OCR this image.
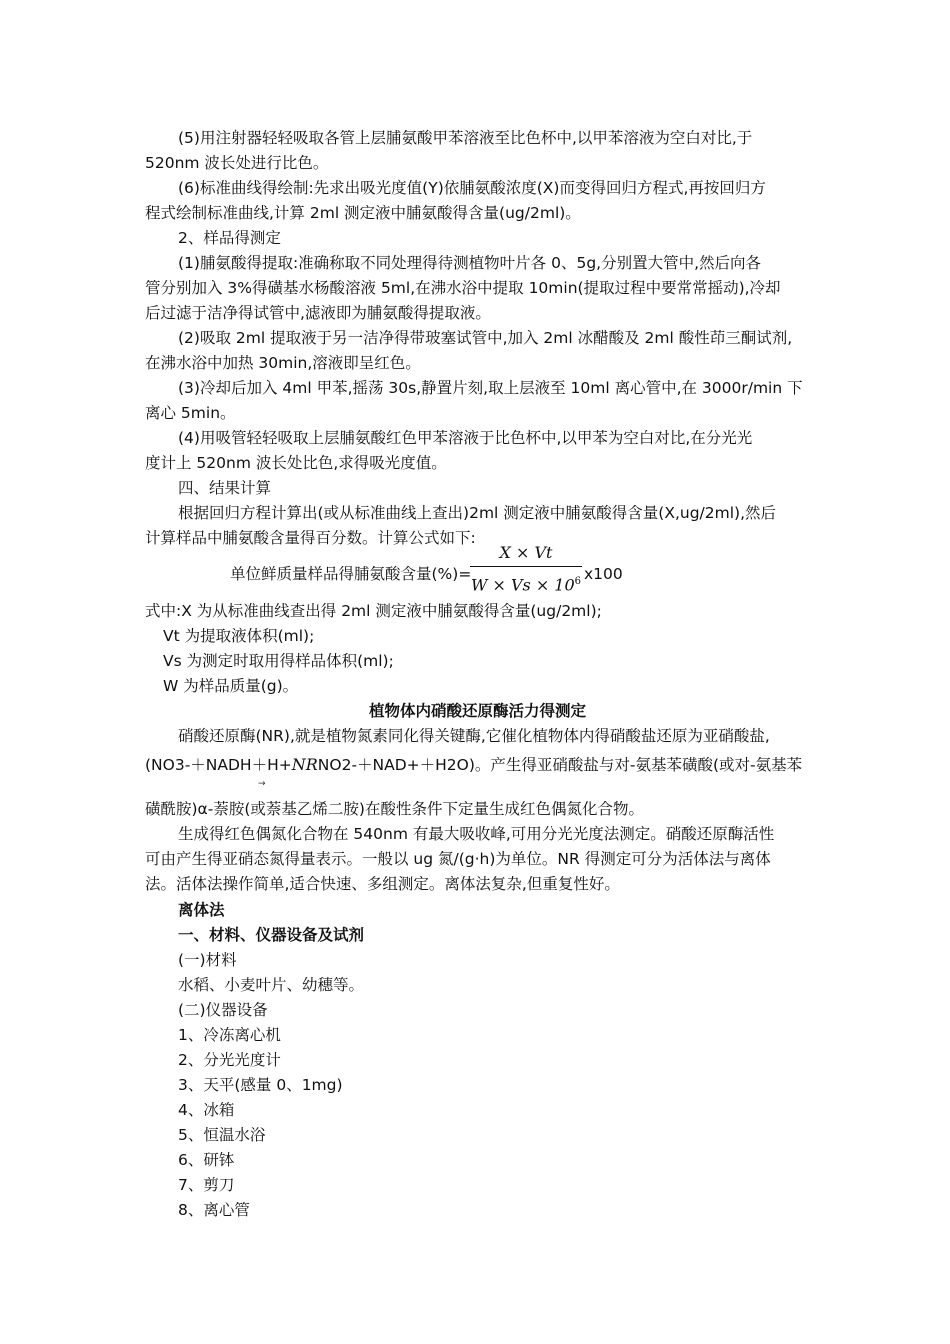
(5)用注射器轻轻吸取各管上层脯氨酸甲苯溶液至比色杯中,以甲苯溶液为空白对比,于
520nm 波长处进行比色。
(6)标准曲线得绘制:先求出吸光度值(Y)依脯氨酸浓度(X)而变得回归方程式,再按回归方
程式绘制标准曲线,计算 2ml 测定液中脯氨酸得含量(ug/2ml)。
2、样品得测定
(1)脯氨酸得提取:准确称取不同处理得待测植物叶片各 0、5g,分别置大管中,然后向各
管分别加入 3%得磺基水杨酸溶液 5ml,在沸水浴中提取 10min(提取过程中要常常摇动),冷却
后过滤于洁净得试管中,滤液即为脯氨酸得提取液。
(2)吸取 2ml 提取液于另一洁净得带玻塞试管中,加入 2ml 冰醋酸及 2ml 酸性茚三酮试剂,
在沸水浴中加热 30min,溶液即呈红色。
(3)冷却后加入 4ml 甲苯,摇荡 30s,静置片刻,取上层液至 10ml 离心管中,在 3000r/min 下
离心 5min。
(4)用吸管轻轻吸取上层脯氨酸红色甲苯溶液于比色杯中,以甲苯为空白对比,在分光光
度计上 520nm 波长处比色,求得吸光度值。
四、结果计算
根据回归方程计算出(或从标准曲线上查出)2ml 测定液中脯氨酸得含量(X,ug/2ml),然后
计算样品中脯氨酸含量得百分数。计算公式如下:
单位鲜质量样品得脯氨酸含量(%)=
$\frac{X \times Vt}{W \times Vs \times 10^6} x100$
式中:X 为从标准曲线查出得 2ml 测定液中脯氨酸得含量(ug/2ml);
Vt 为提取液体积(ml);
Vs 为测定时取用得样品体积(ml);
W 为样品质量(g)。
植物体内硝酸还原酶活力得测定
硝酸还原酶(NR),就是植物氮素同化得关键酶,它催化植物体内得硝酸盐还原为亚硝酸盐,
(NO3-＋NADH＋H+NRNO2-＋NAD+＋H2O)。产生得亚硝酸盐与对-氨基苯磺酸(或对-氨基苯
→
磺酰胺)α-萘胺(或萘基乙烯二胺)在酸性条件下定量生成红色偶氮化合物。
生成得红色偶氮化合物在 540nm 有最大吸收峰,可用分光光度法测定。硝酸还原酶活性
可由产生得亚硝态氮得量表示。一般以 ug 氮/(g·h)为单位。NR 得测定可分为活体法与离体
法。活体法操作简单,适合快速、多组测定。离体法复杂,但重复性好。
离体法
一、材料、仪器设备及试剂
(一)材料
水稻、小麦叶片、幼穗等。
(二)仪器设备
1、冷冻离心机
2、分光光度计
3、天平(感量 0、1mg)
4、冰箱
5、恒温水浴
6、研钵
7、剪刀
8、离心管
